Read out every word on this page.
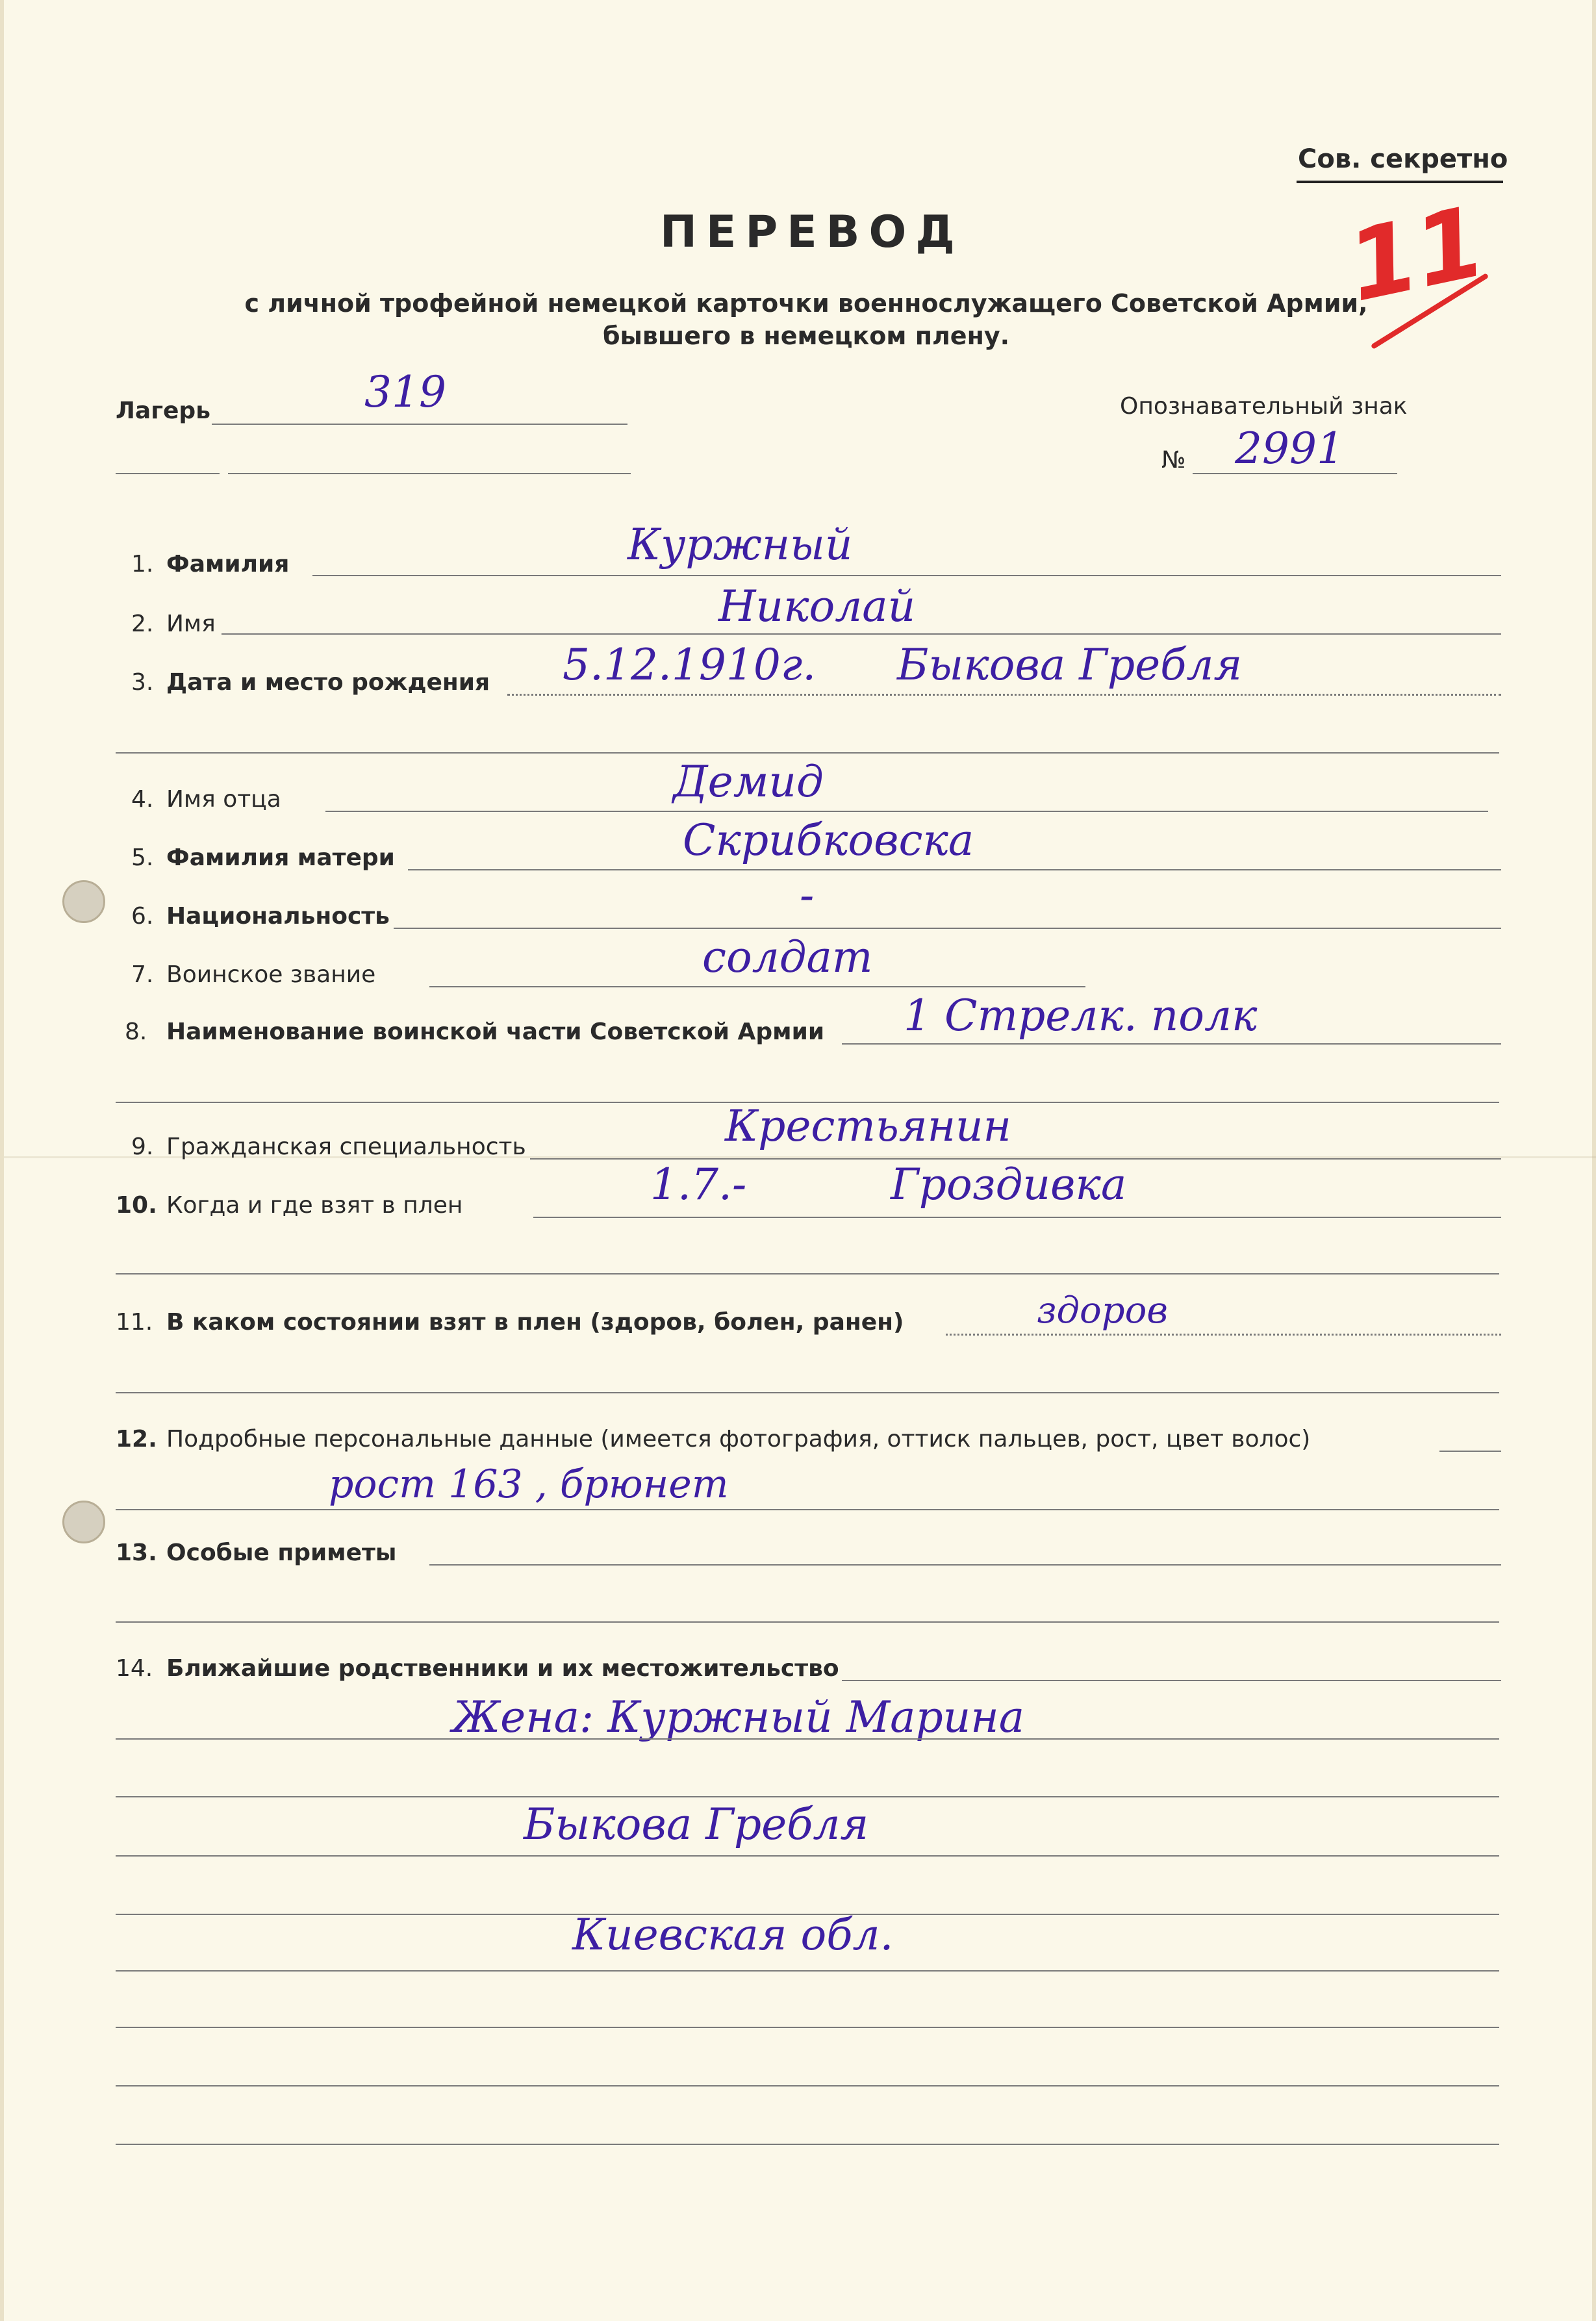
Сов. секретно
11
ПЕРЕВОД
с личной трофейной немецкой карточки военнослужащего Советской Армии,
бывшего в немецком плену.
Лагерь	319	Опознавательный знак
№ 2991
1. Фамилия	Куржный
2. Имя	Николай
3. Дата и место рождения 5.12.1910г. Быкова Гребля
4. Имя отца	Демид
5. Фамилия матери	Скрибковска
6. Национальность	-
7. Воинское звание	солдат
8. Наименование воинской части Советской Армии 1 Стрелк. полк
9. Гражданская специальность	Крестьянин
10. Когда и где взят в плен	1.7.-	Гроздивка
11. В каком состоянии взят в плен (здоров, болен, ранен)	здоров
12. Подробные персональные данные (имеется фотография, оттиск пальцев, рост, цвет волос)
рост 163 , брюнет
13. Особые приметы
14. Ближайшие родственники и их местожительство
Жена: Куржный Марина
Быкова Гребля
Киевская обл.
